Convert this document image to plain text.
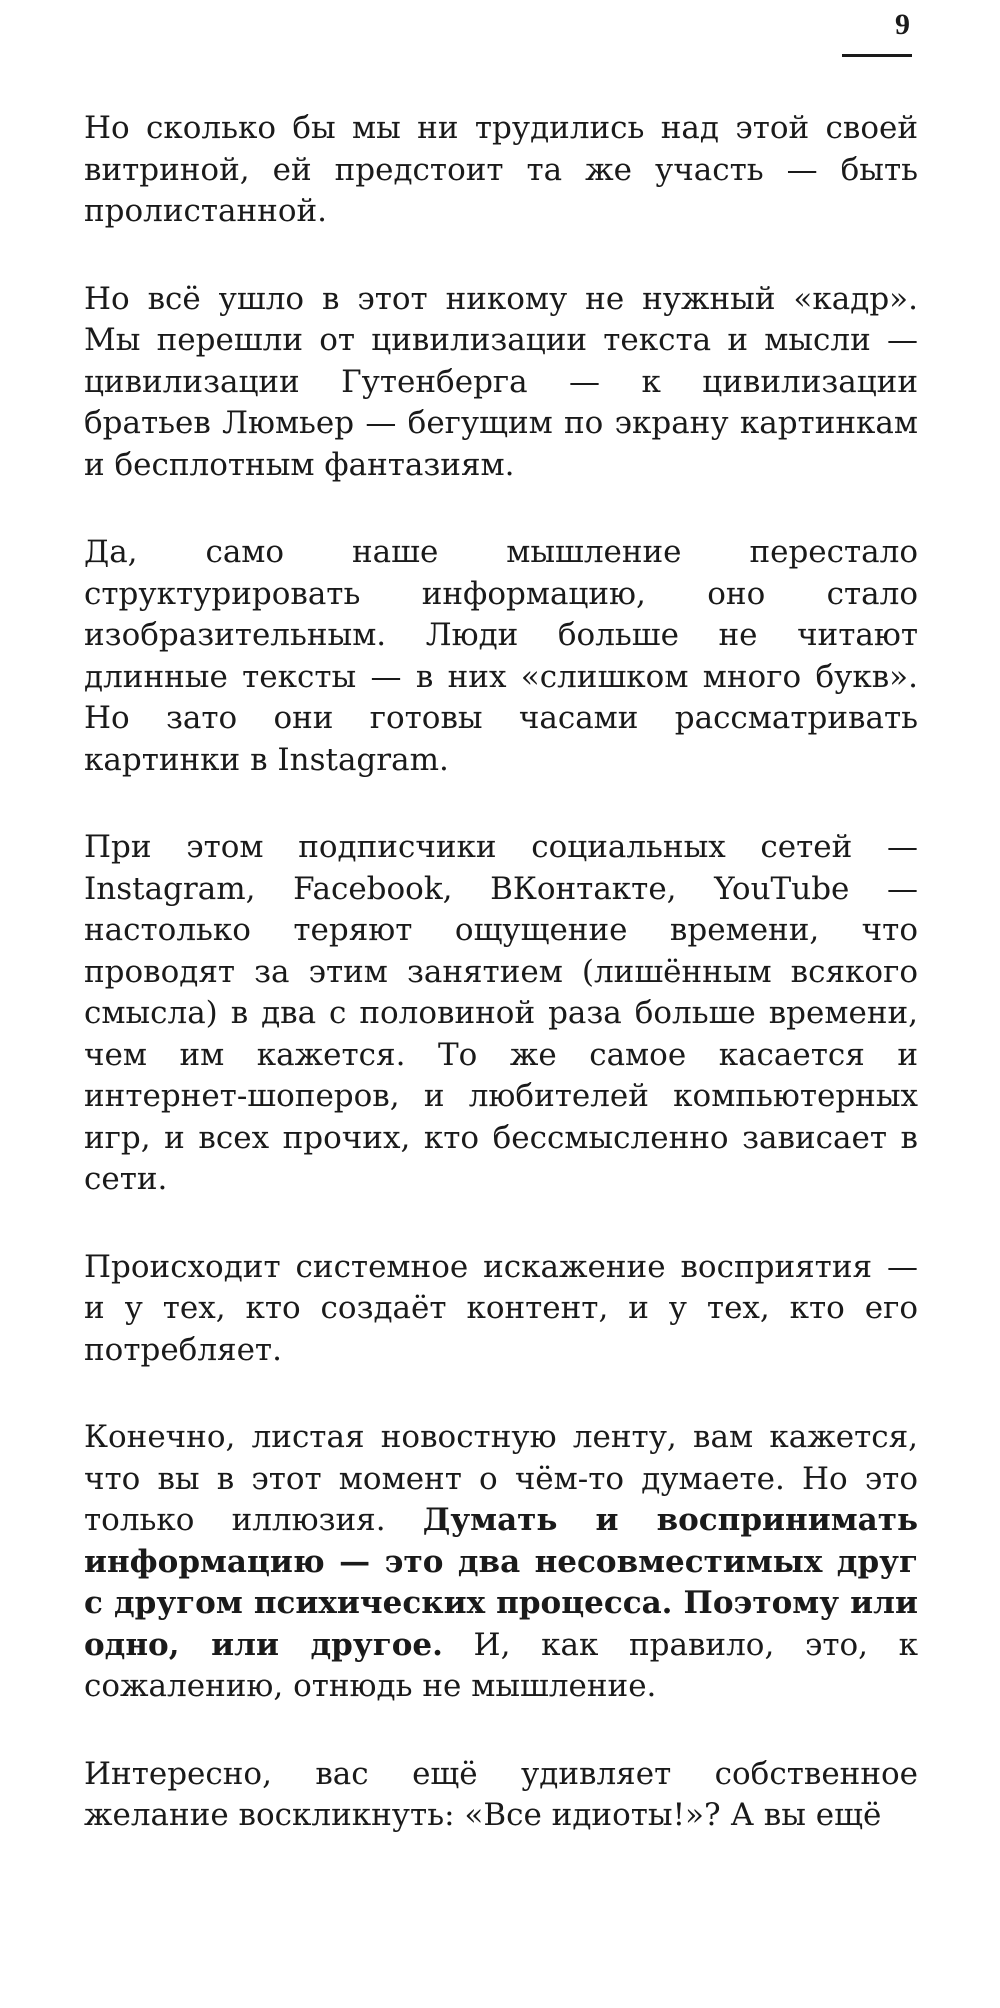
9

Но сколько бы мы ни трудились над этой своей витриной, ей предстоит та же участь — быть пролистанной.

Но всё ушло в этот никому не нужный «кадр». Мы перешли от цивилизации текста и мысли — цивилизации Гутенберга — к цивилизации братьев Люмьер — бегущим по экрану картинкам и бесплотным фантазиям.

Да, само наше мышление перестало структурировать информацию, оно стало изобразительным. Люди больше не читают длинные тексты — в них «слишком много букв». Но зато они готовы часами рассматривать картинки в Instagram.

При этом подписчики социальных сетей — Instagram, Facebook, ВКонтакте, YouTube — настолько теряют ощущение времени, что проводят за этим занятием (лишённым всякого смысла) в два с половиной раза больше времени, чем им кажется. То же самое касается и интернет-шоперов, и любителей компьютерных игр, и всех прочих, кто бессмысленно зависает в сети.

Происходит системное искажение восприятия — и у тех, кто создаёт контент, и у тех, кто его потребляет.

Конечно, листая новостную ленту, вам кажется, что вы в этот момент о чём-то думаете. Но это только иллюзия. Думать и воспринимать информацию — это два несовместимых друг с другом психических процесса. Поэтому или одно, или другое. И, как правило, это, к сожалению, отнюдь не мышление.

Интересно, вас ещё удивляет собственное желание воскликнуть: «Все идиоты!»? А вы ещё
